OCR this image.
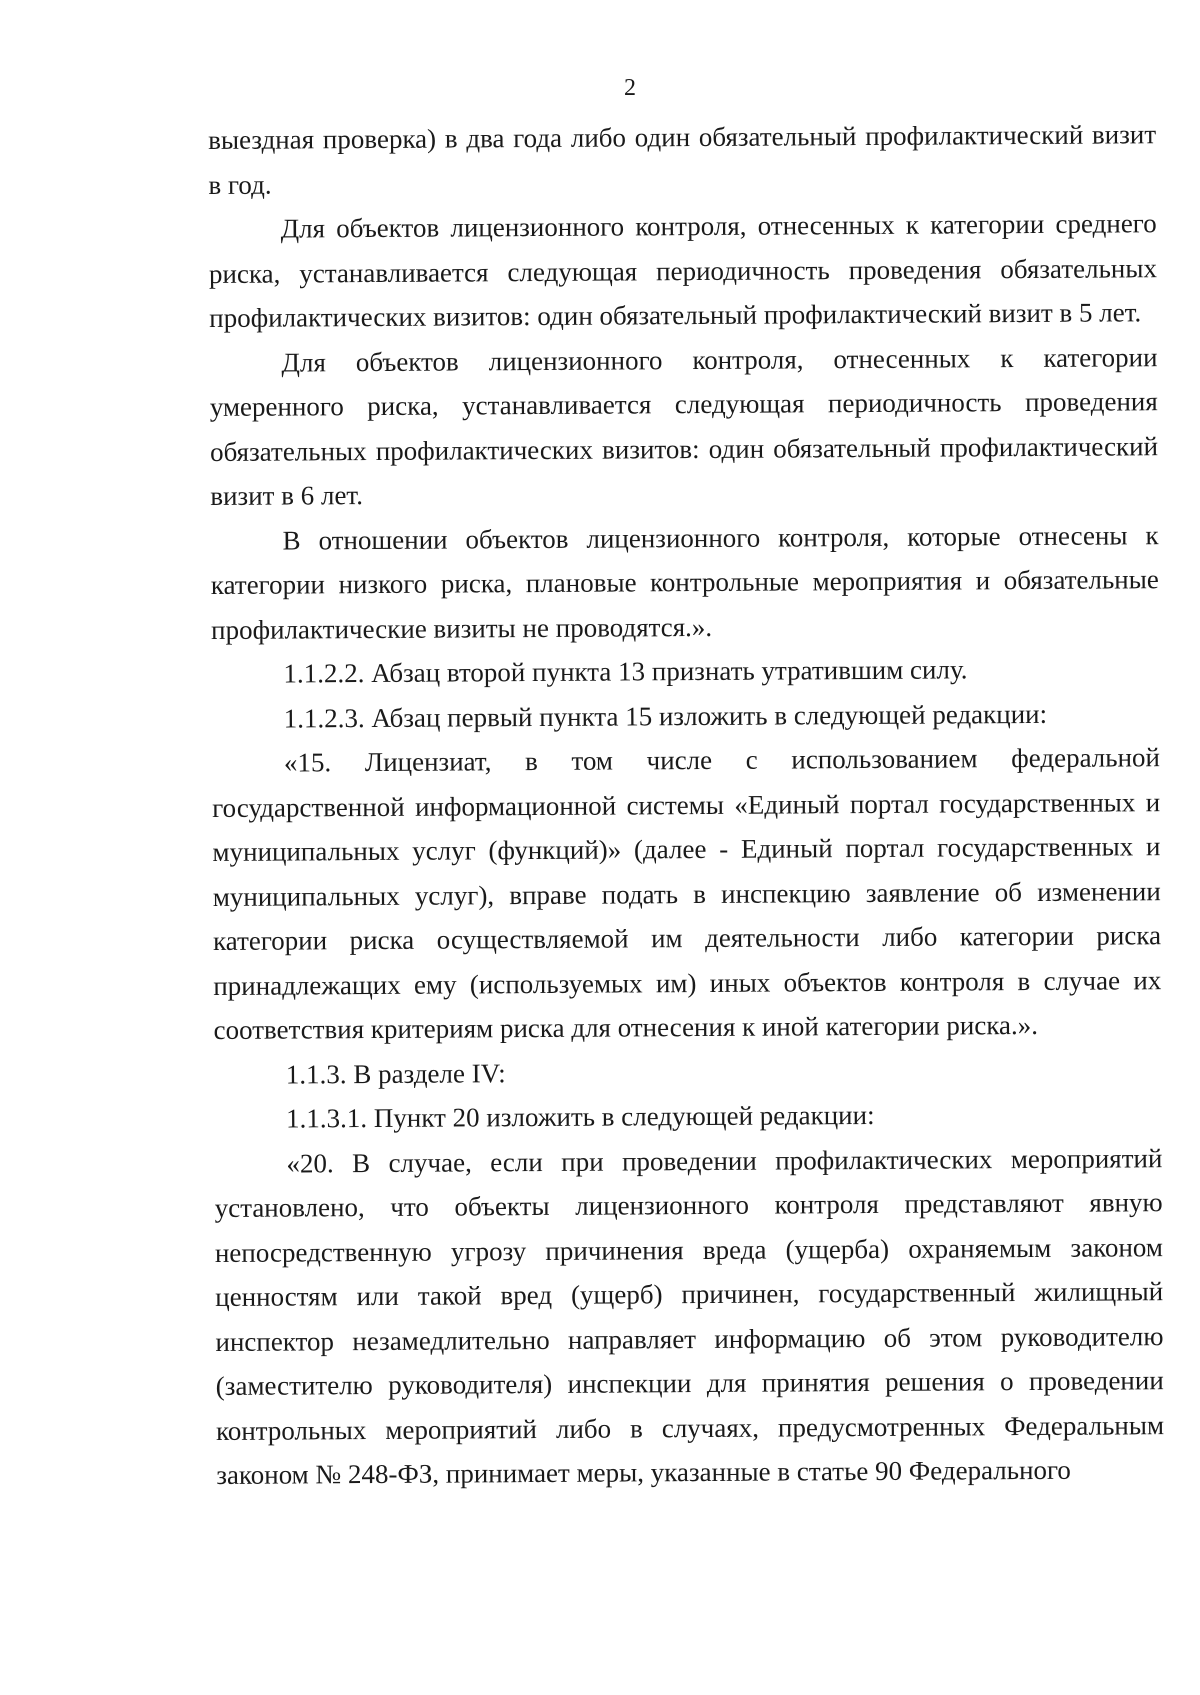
2

выездная проверка) в два года либо один обязательный профилактический визит в год.

Для объектов лицензионного контроля, отнесенных к категории среднего риска, устанавливается следующая периодичность проведения обязательных профилактических визитов: один обязательный профилактический визит в 5 лет.

Для объектов лицензионного контроля, отнесенных к категории умеренного риска, устанавливается следующая периодичность проведения обязательных профилактических визитов: один обязательный профилактический визит в 6 лет.

В отношении объектов лицензионного контроля, которые отнесены к категории низкого риска, плановые контрольные мероприятия и обязательные профилактические визиты не проводятся.».

1.1.2.2. Абзац второй пункта 13 признать утратившим силу.

1.1.2.3. Абзац первый пункта 15 изложить в следующей редакции:

«15. Лицензиат, в том числе с использованием федеральной государственной информационной системы «Единый портал государственных и муниципальных услуг (функций)» (далее - Единый портал государственных и муниципальных услуг), вправе подать в инспекцию заявление об изменении категории риска осуществляемой им деятельности либо категории риска принадлежащих ему (используемых им) иных объектов контроля в случае их соответствия критериям риска для отнесения к иной категории риска.».

1.1.3. В разделе IV:

1.1.3.1. Пункт 20 изложить в следующей редакции:

«20. В случае, если при проведении профилактических мероприятий установлено, что объекты лицензионного контроля представляют явную непосредственную угрозу причинения вреда (ущерба) охраняемым законом ценностям или такой вред (ущерб) причинен, государственный жилищный инспектор незамедлительно направляет информацию об этом руководителю (заместителю руководителя) инспекции для принятия решения о проведении контрольных мероприятий либо в случаях, предусмотренных Федеральным законом № 248-ФЗ, принимает меры, указанные в статье 90 Федерального
